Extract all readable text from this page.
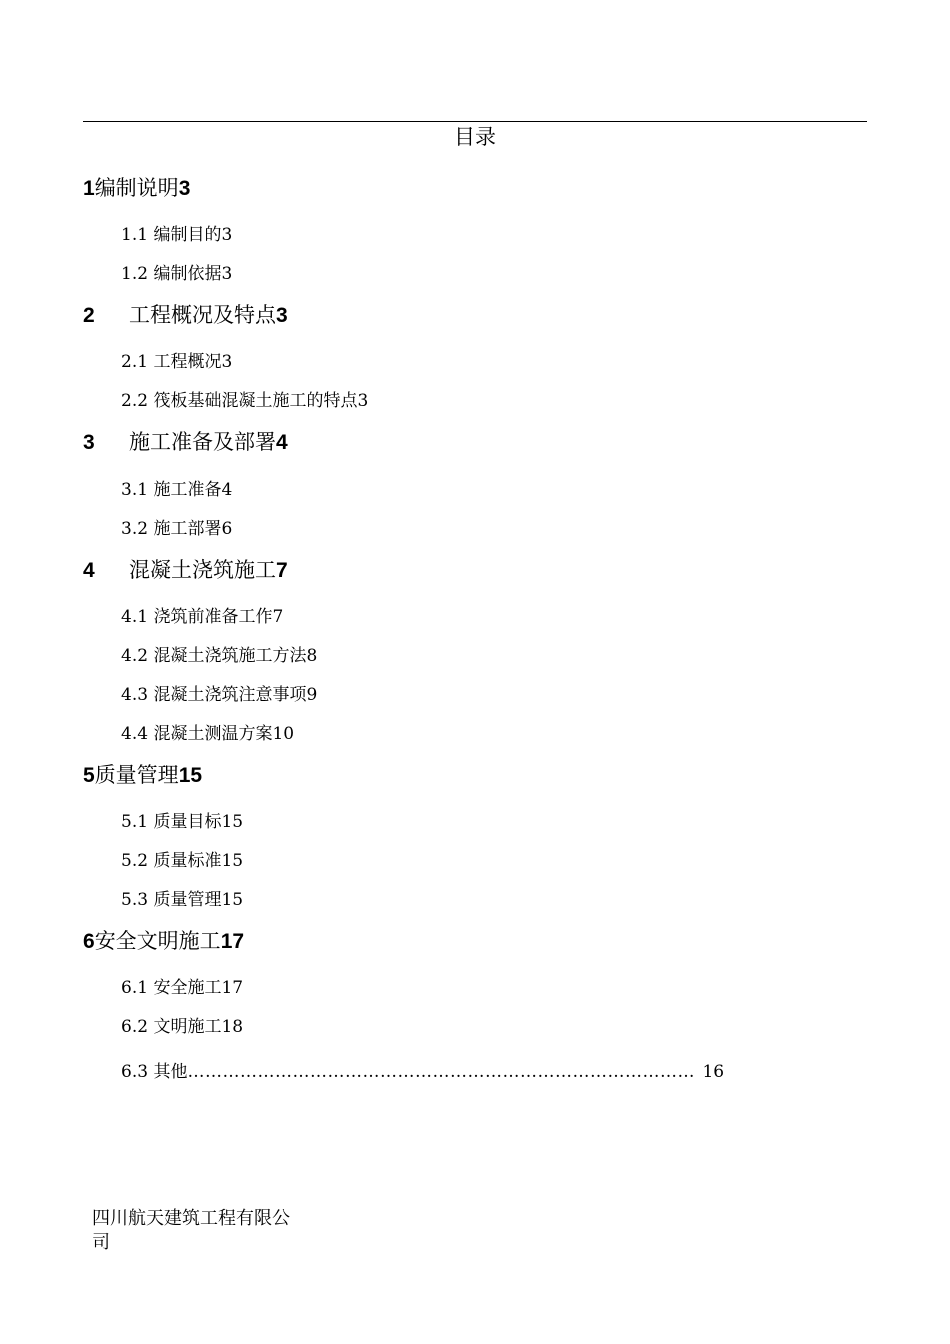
目录
1编制说明3
1.1 编制目的3
1.2 编制依据3
2 工程概况及特点3
2.1 工程概况3
2.2 筏板基础混凝土施工的特点3
3 施工准备及部署4
3.1 施工准备4
3.2 施工部署6
4 混凝土浇筑施工7
4.1 浇筑前准备工作7
4.2 混凝土浇筑施工方法8
4.3 混凝土浇筑注意事项9
4.4 混凝土测温方案10
5质量管理15
5.1 质量目标15
5.2 质量标准15
5.3 质量管理15
6安全文明施工17
6.1 安全施工17
6.2 文明施工18
6.3 其他…………………………………………………………………………… 16
四川航天建筑工程有限公司
